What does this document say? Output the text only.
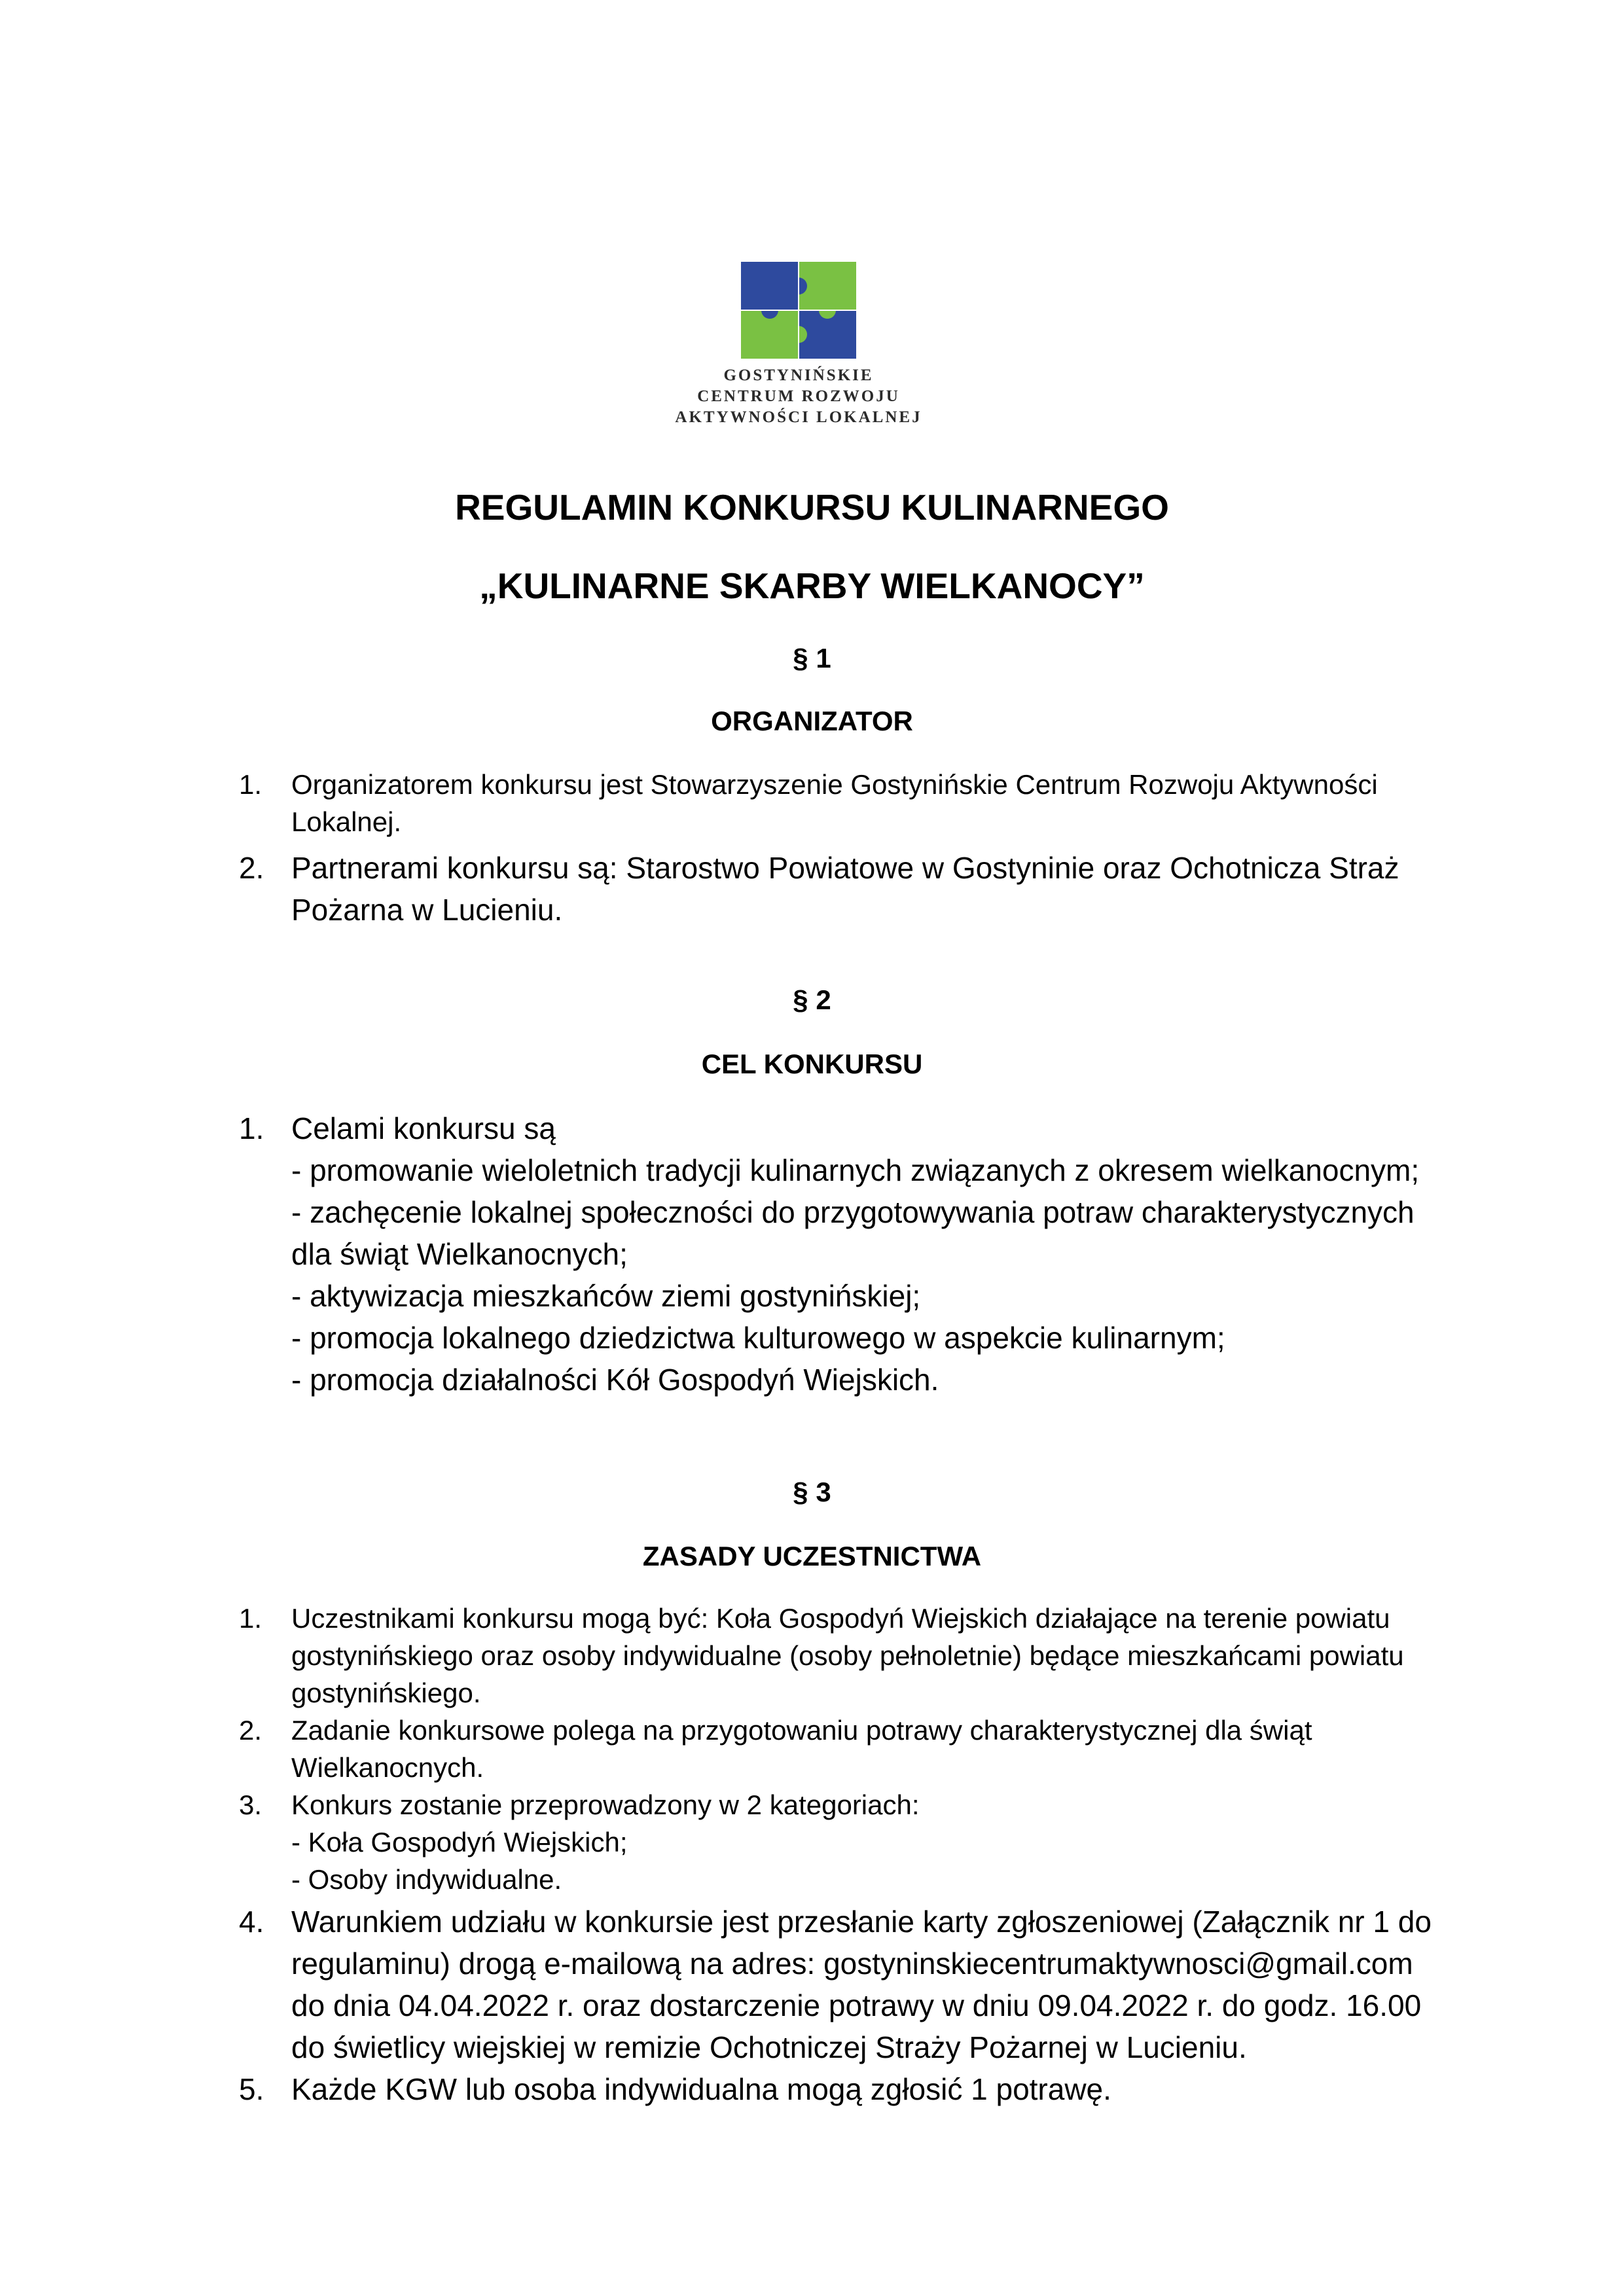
GOSTYNIŃSKIE
CENTRUM ROZWOJU
AKTYWNOŚCI LOKALNEJ
REGULAMIN KONKURSU KULINARNEGO
„KULINARNE SKARBY WIELKANOCY”
§ 1
ORGANIZATOR
1.	Organizatorem konkursu jest Stowarzyszenie Gostynińskie Centrum Rozwoju Aktywności Lokalnej.
2. Partnerami konkursu są: Starostwo Powiatowe w Gostyninie oraz Ochotnicza Straż Pożarna w Lucieniu.
§ 2
CEL KONKURSU
1. Celami konkursu są
- promowanie wieloletnich tradycji kulinarnych związanych z okresem wielkanocnym;
- zachęcenie lokalnej społeczności do przygotowywania potraw charakterystycznych dla świąt Wielkanocnych;
- aktywizacja mieszkańców ziemi gostynińskiej;
- promocja lokalnego dziedzictwa kulturowego w aspekcie kulinarnym;
- promocja działalności Kół Gospodyń Wiejskich.
§ 3
ZASADY UCZESTNICTWA
1.	Uczestnikami konkursu mogą być: Koła Gospodyń Wiejskich działające na terenie powiatu gostynińskiego oraz osoby indywidualne (osoby pełnoletnie) będące mieszkańcami powiatu gostynińskiego.
2.	Zadanie konkursowe polega na przygotowaniu potrawy charakterystycznej dla świąt Wielkanocnych.
3.	Konkurs zostanie przeprowadzony w 2 kategoriach:
- Koła Gospodyń Wiejskich;
- Osoby indywidualne.
4. Warunkiem udziału w konkursie jest przesłanie karty zgłoszeniowej (Załącznik nr 1 do regulaminu) drogą e-mailową na adres: gostyninskiecentrumaktywnosci@gmail.com do dnia 04.04.2022 r. oraz dostarczenie potrawy w dniu 09.04.2022 r. do godz. 16.00 do świetlicy wiejskiej w remizie Ochotniczej Straży Pożarnej w Lucieniu.
5. Każde KGW lub osoba indywidualna mogą zgłosić 1 potrawę.
